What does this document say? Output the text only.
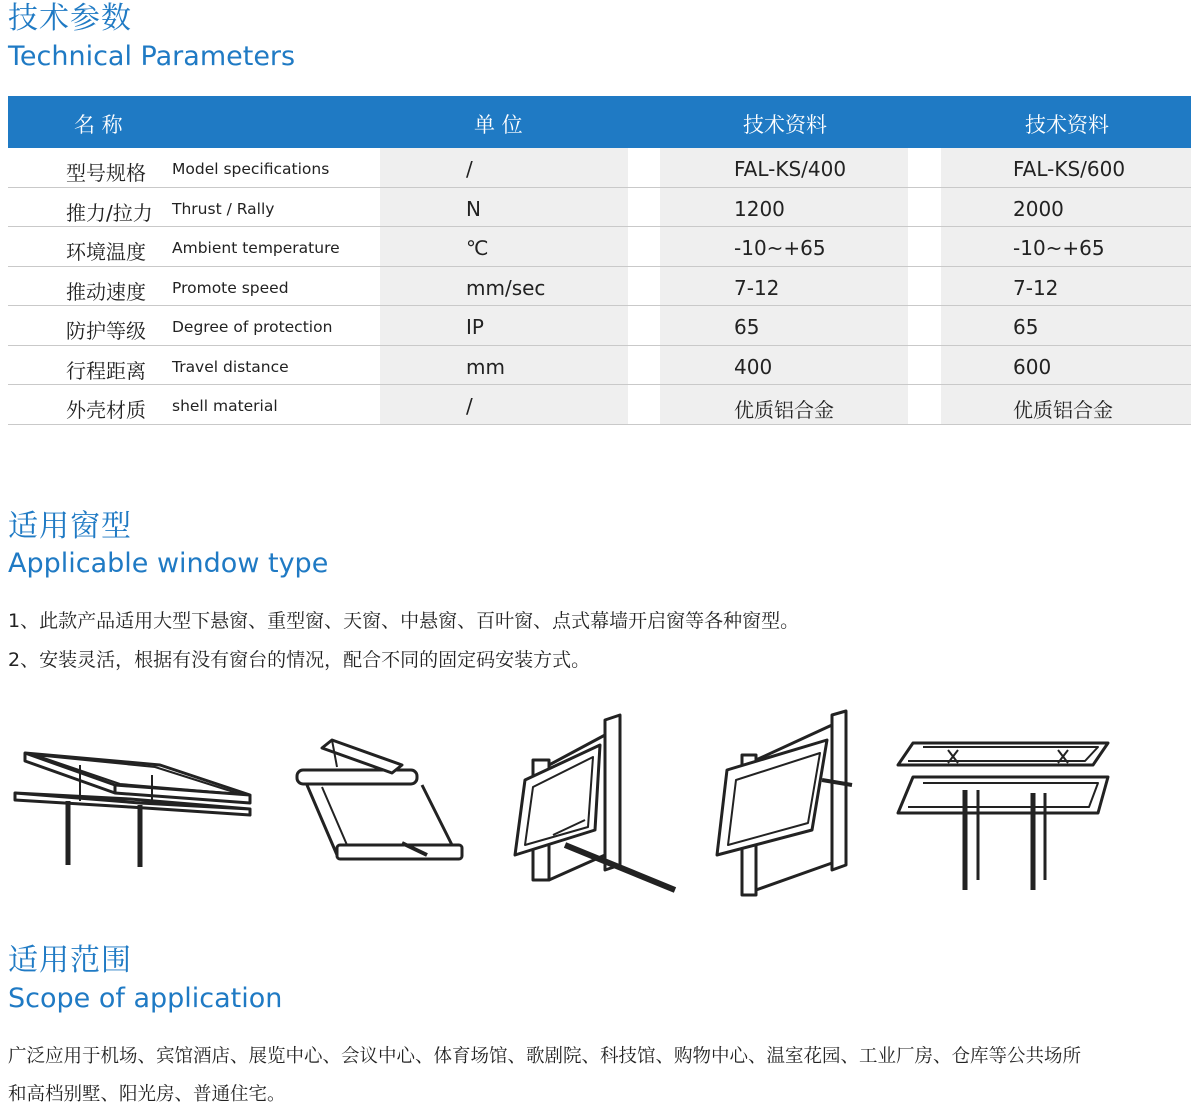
技术参数
Technical Parameters
名 称	单 位	技术资料	技术资料
型号规格 Model specifications	/	FAL-KS/400	FAL-KS/600
推力/拉力 Thrust / Rally	N	1200	2000
环境温度 Ambient temperature	℃	-10~+65	-10~+65
推动速度 Promote speed	mm/sec	7-12	7-12
防护等级 Degree of protection	IP	65	65
行程距离 Travel distance	mm	400	600
外壳材质 shell material	/	优质铝合金	优质铝合金
适用窗型
Applicable window type
1、此款产品适用大型下悬窗、重型窗、天窗、中悬窗、百叶窗、点式幕墙开启窗等各种窗型。
2、安装灵活，根据有没有窗台的情况，配合不同的固定码安装方式。
适用范围
Scope of application
广泛应用于机场、宾馆酒店、展览中心、会议中心、体育场馆、歌剧院、科技馆、购物中心、温室花园、工业厂房、仓库等公共场所
和高档别墅、阳光房、普通住宅。
